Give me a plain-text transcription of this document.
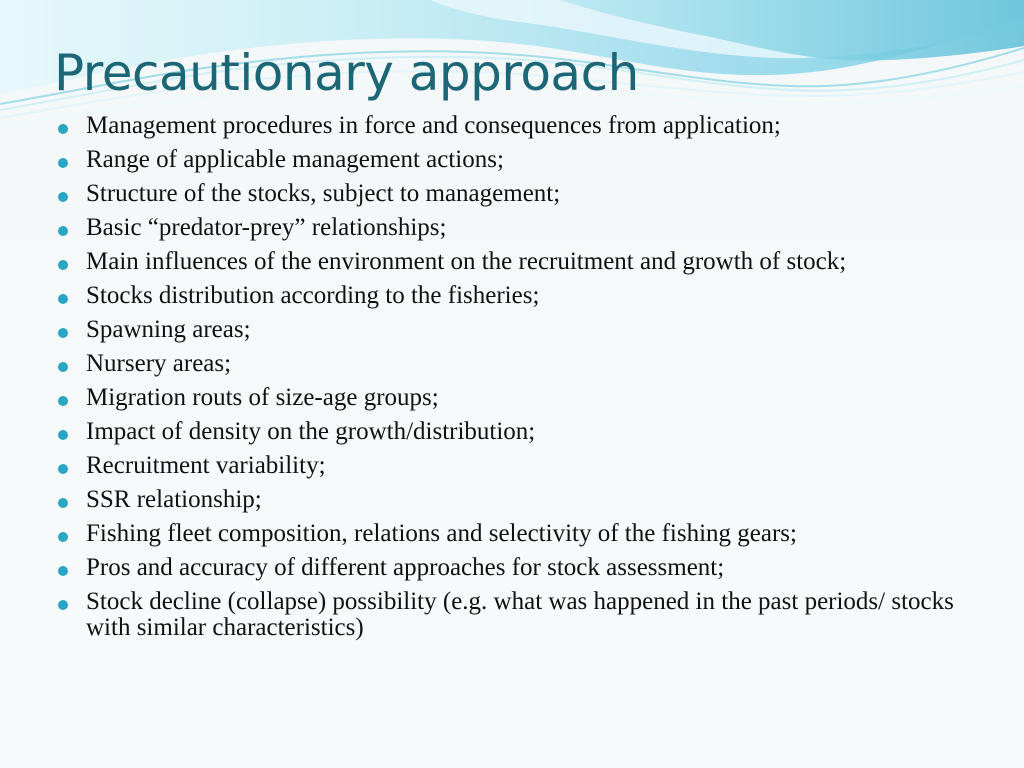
Precautionary approach
Management procedures in force and consequences from application;
Range of applicable management actions;
Structure of the stocks, subject to management;
Basic “predator-prey” relationships;
Main influences of the environment on the recruitment and growth of stock;
Stocks distribution according to the fisheries;
Spawning areas;
Nursery areas;
Migration routs of size-age groups;
Impact of density on the growth/distribution;
Recruitment variability;
SSR relationship;
Fishing fleet composition, relations and selectivity of the fishing gears;
Pros and accuracy of different approaches for stock assessment;
Stock decline (collapse) possibility (e.g. what was happened in the past periods/ stocks with similar characteristics)
